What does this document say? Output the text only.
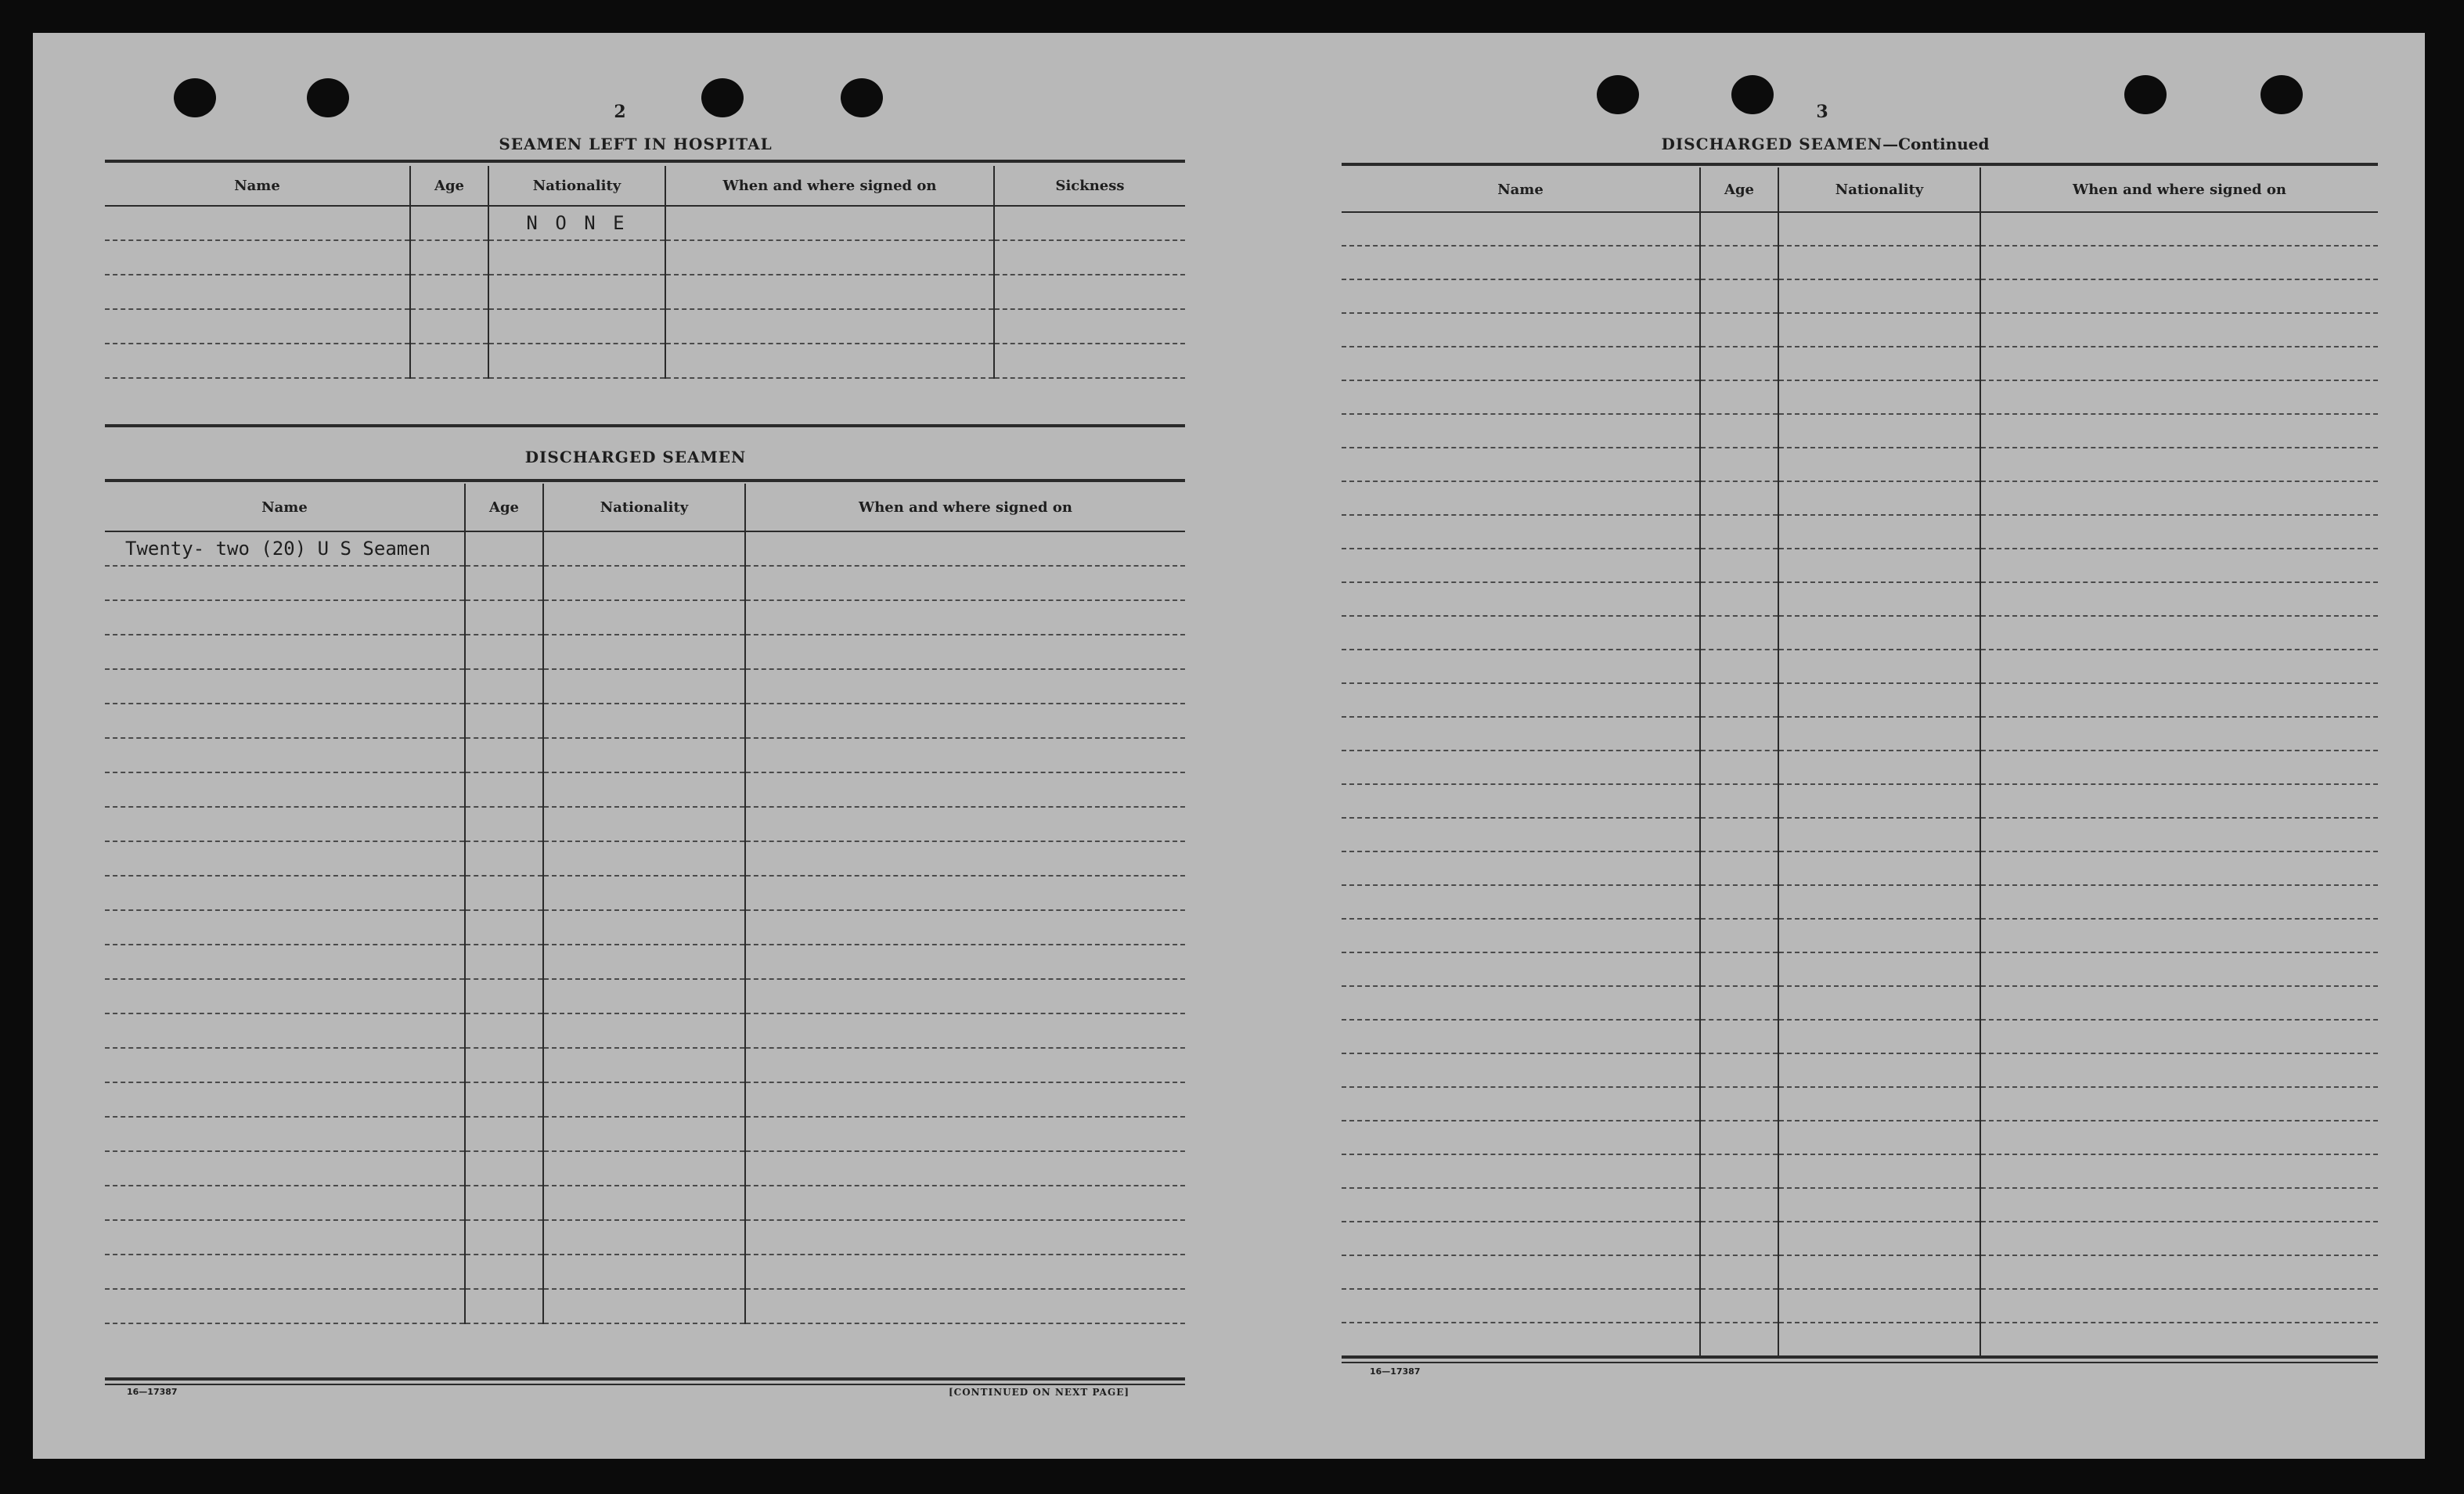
2
SEAMEN LEFT IN HOSPITAL
Name	Age	Nationality	When and where signed on	Sickness
		N O N E		

DISCHARGED SEAMEN
Name	Age	Nationality	When and where signed on
Twenty- two (20) U S Seamen			

16—17387	[CONTINUED ON NEXT PAGE]
3
DISCHARGED SEAMEN—Continued
Name	Age	Nationality	When and where signed on

16—17387
